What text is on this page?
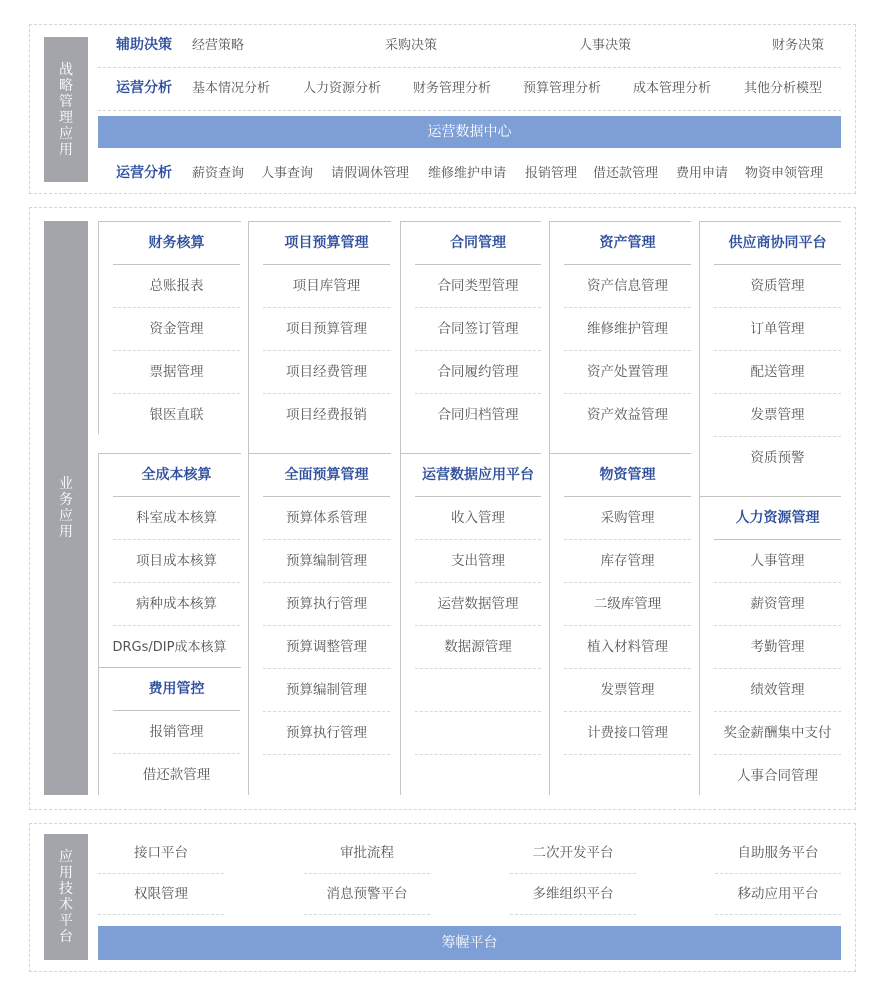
战略管理应用
辅助决策 经营策略	采购决策	人事决策	财务决策
运营分析 基本情况分析	人力资源分析 财务管理分析 预算管理分析 成本管理分析	其他分析模型
运营数据中心
运营分析 薪资查询 人事查询 请假调休管理 维修维护申请 报销管理 借还款管理 费用申请 物资申领管理
业务应用
财务核算
总账报表
资金管理
票据管理
银医直联
项目预算管理
项目库管理
项目预算管理
项目经费管理
项目经费报销
合同管理
合同类型管理
合同签订管理
合同履约管理
合同归档管理
资产管理
资产信息管理
维修维护管理
资产处置管理
资产效益管理
供应商协同平台
资质管理
订单管理
配送管理
发票管理
资质预警
全成本核算
科室成本核算
项目成本核算
病种成本核算
DRGs/DIP成本核算
费用管控
报销管理
借还款管理
全面预算管理
预算体系管理
预算编制管理
预算执行管理
预算调整管理
预算编制管理
预算执行管理
运营数据应用平台
收入管理
支出管理
运营数据管理
数据源管理
物资管理
采购管理
库存管理
二级库管理
植入材料管理
发票管理
计费接口管理
人力资源管理
人事管理
薪资管理
考勤管理
绩效管理
奖金薪酬集中支付
人事合同管理
应用技术平台
接口平台	审批流程	二次开发平台	自助服务平台
权限管理	消息预警平台	多维组织平台	移动应用平台
筹幄平台
